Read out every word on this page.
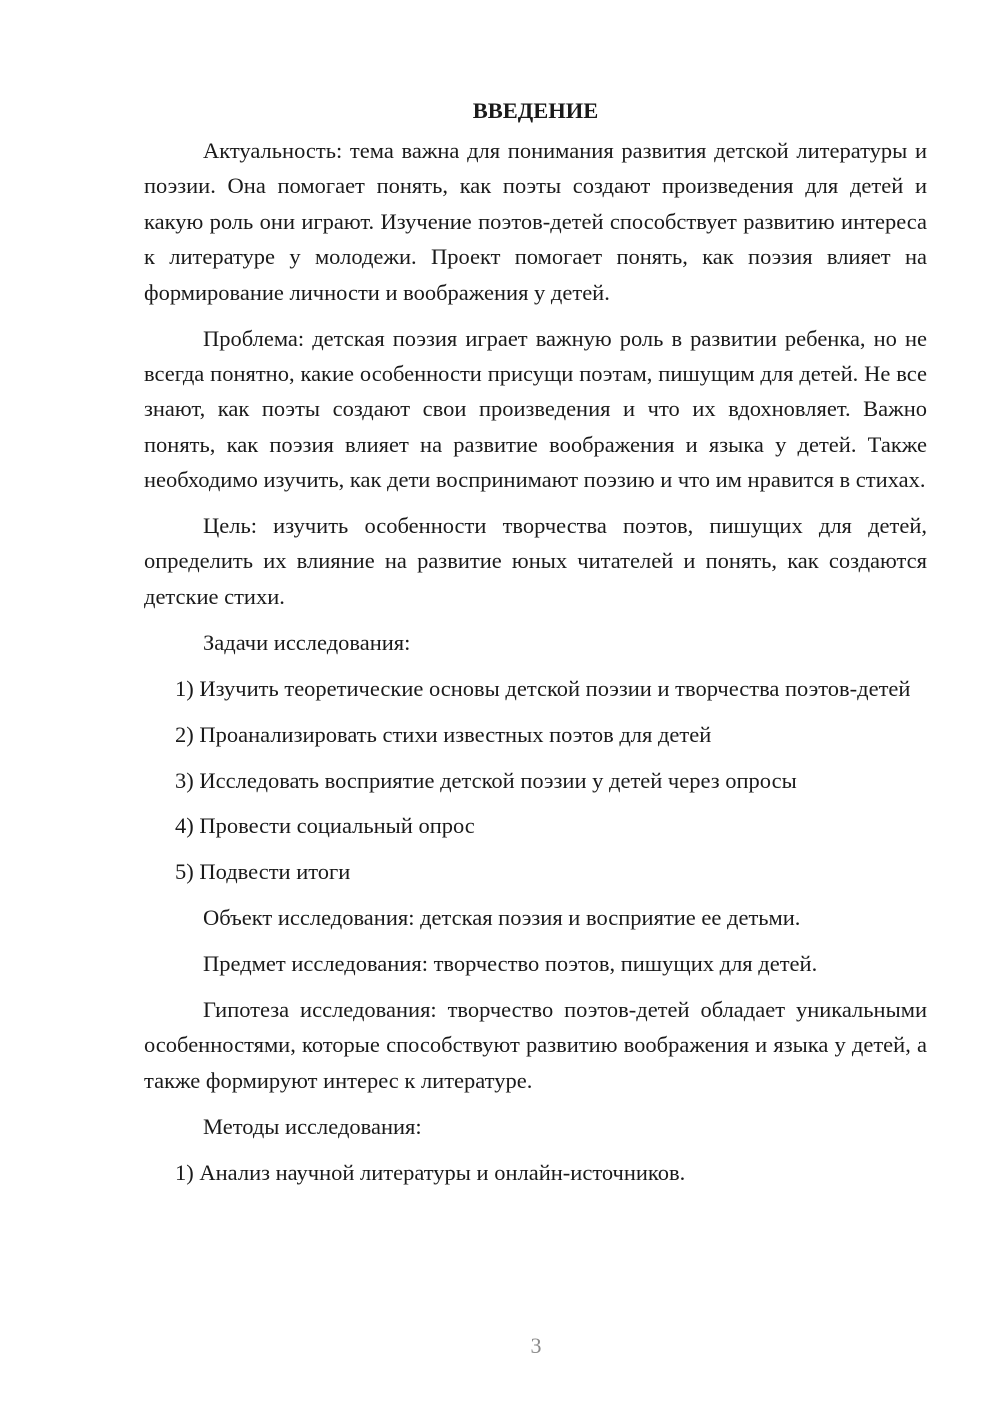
ВВЕДЕНИЕ

Актуальность: тема важна для понимания развития детской литературы и поэзии. Она помогает понять, как поэты создают произведения для детей и какую роль они играют. Изучение поэтов-детей способствует развитию интереса к литературе у молодежи. Проект помогает понять, как поэзия влияет на формирование личности и воображения у детей.

Проблема: детская поэзия играет важную роль в развитии ребенка, но не всегда понятно, какие особенности присущи поэтам, пишущим для детей. Не все знают, как поэты создают свои произведения и что их вдохновляет. Важно понять, как поэзия влияет на развитие воображения и языка у детей. Также необходимо изучить, как дети воспринимают поэзию и что им нравится в стихах.

Цель: изучить особенности творчества поэтов, пишущих для детей, определить их влияние на развитие юных читателей и понять, как создаются детские стихи.

Задачи исследования:

1) Изучить теоретические основы детской поэзии и творчества поэтов-детей

2) Проанализировать стихи известных поэтов для детей

3) Исследовать восприятие детской поэзии у детей через опросы

4) Провести социальный опрос

5) Подвести итоги

Объект исследования: детская поэзия и восприятие ее детьми.

Предмет исследования: творчество поэтов, пишущих для детей.

Гипотеза исследования: творчество поэтов-детей обладает уникальными особенностями, которые способствуют развитию воображения и языка у детей, а также формируют интерес к литературе.

Методы исследования:

1) Анализ научной литературы и онлайн-источников.

3
